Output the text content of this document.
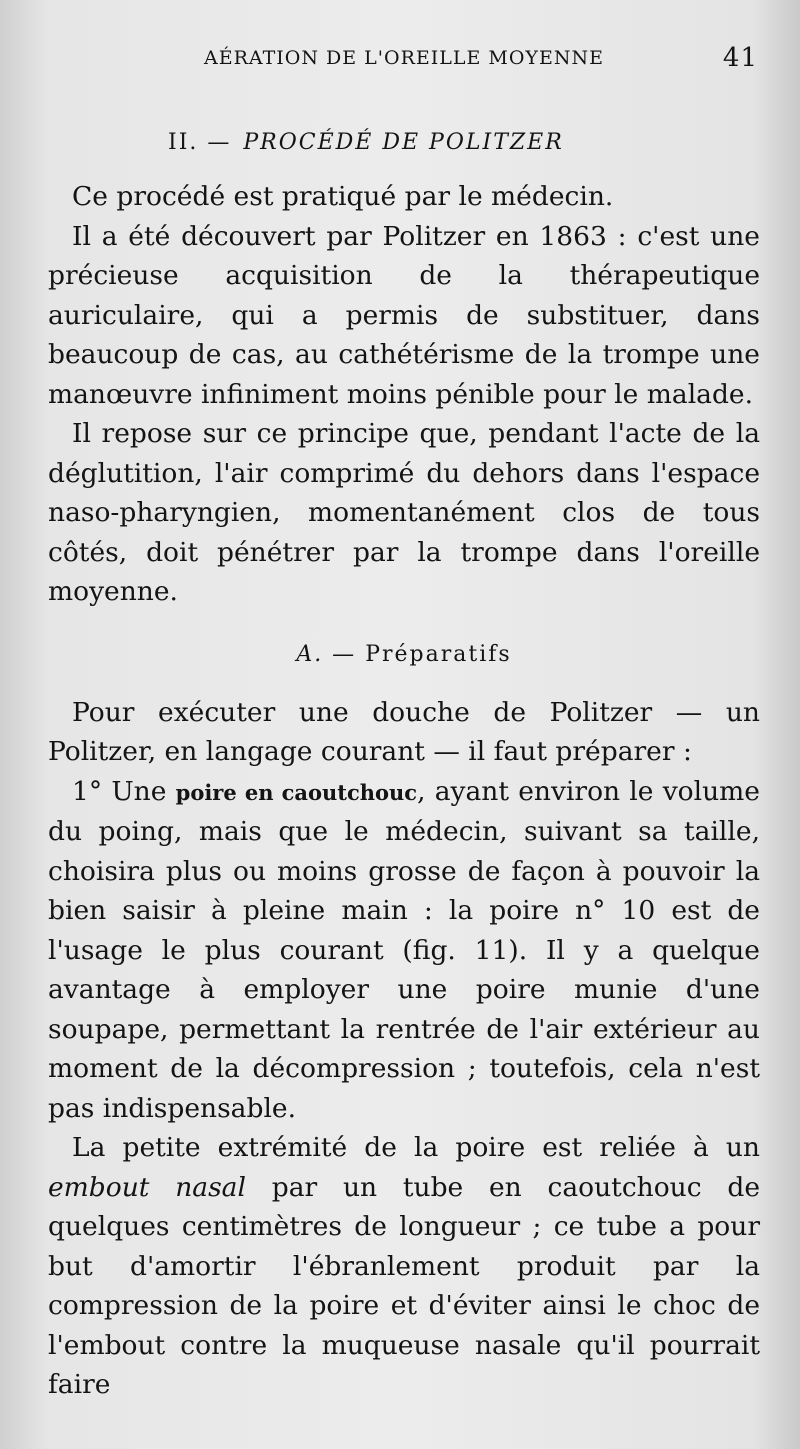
AÉRATION DE L'OREILLE MOYENNE	41
II. — PROCÉDÉ DE POLITZER

Ce procédé est pratiqué par le médecin.

Il a été découvert par Politzer en 1863 : c'est une précieuse acquisition de la thérapeutique auriculaire, qui a permis de substituer, dans beaucoup de cas, au cathétérisme de la trompe une manœuvre infiniment moins pénible pour le malade.

Il repose sur ce principe que, pendant l'acte de la déglutition, l'air comprimé du dehors dans l'espace naso-pharyngien, momentanément clos de tous côtés, doit pénétrer par la trompe dans l'oreille moyenne.

A. — Préparatifs

Pour exécuter une douche de Politzer — un Politzer, en langage courant — il faut préparer :

1° Une poire en caoutchouc, ayant environ le volume du poing, mais que le médecin, suivant sa taille, choisira plus ou moins grosse de façon à pouvoir la bien saisir à pleine main : la poire n° 10 est de l'usage le plus courant (fig. 11). Il y a quelque avantage à employer une poire munie d'une soupape, permettant la rentrée de l'air extérieur au moment de la décompression ; toutefois, cela n'est pas indispensable.

La petite extrémité de la poire est reliée à un embout nasal par un tube en caoutchouc de quelques centimètres de longueur ; ce tube a pour but d'amortir l'ébranlement produit par la compression de la poire et d'éviter ainsi le choc de l'embout contre la muqueuse nasale qu'il pourrait faire
